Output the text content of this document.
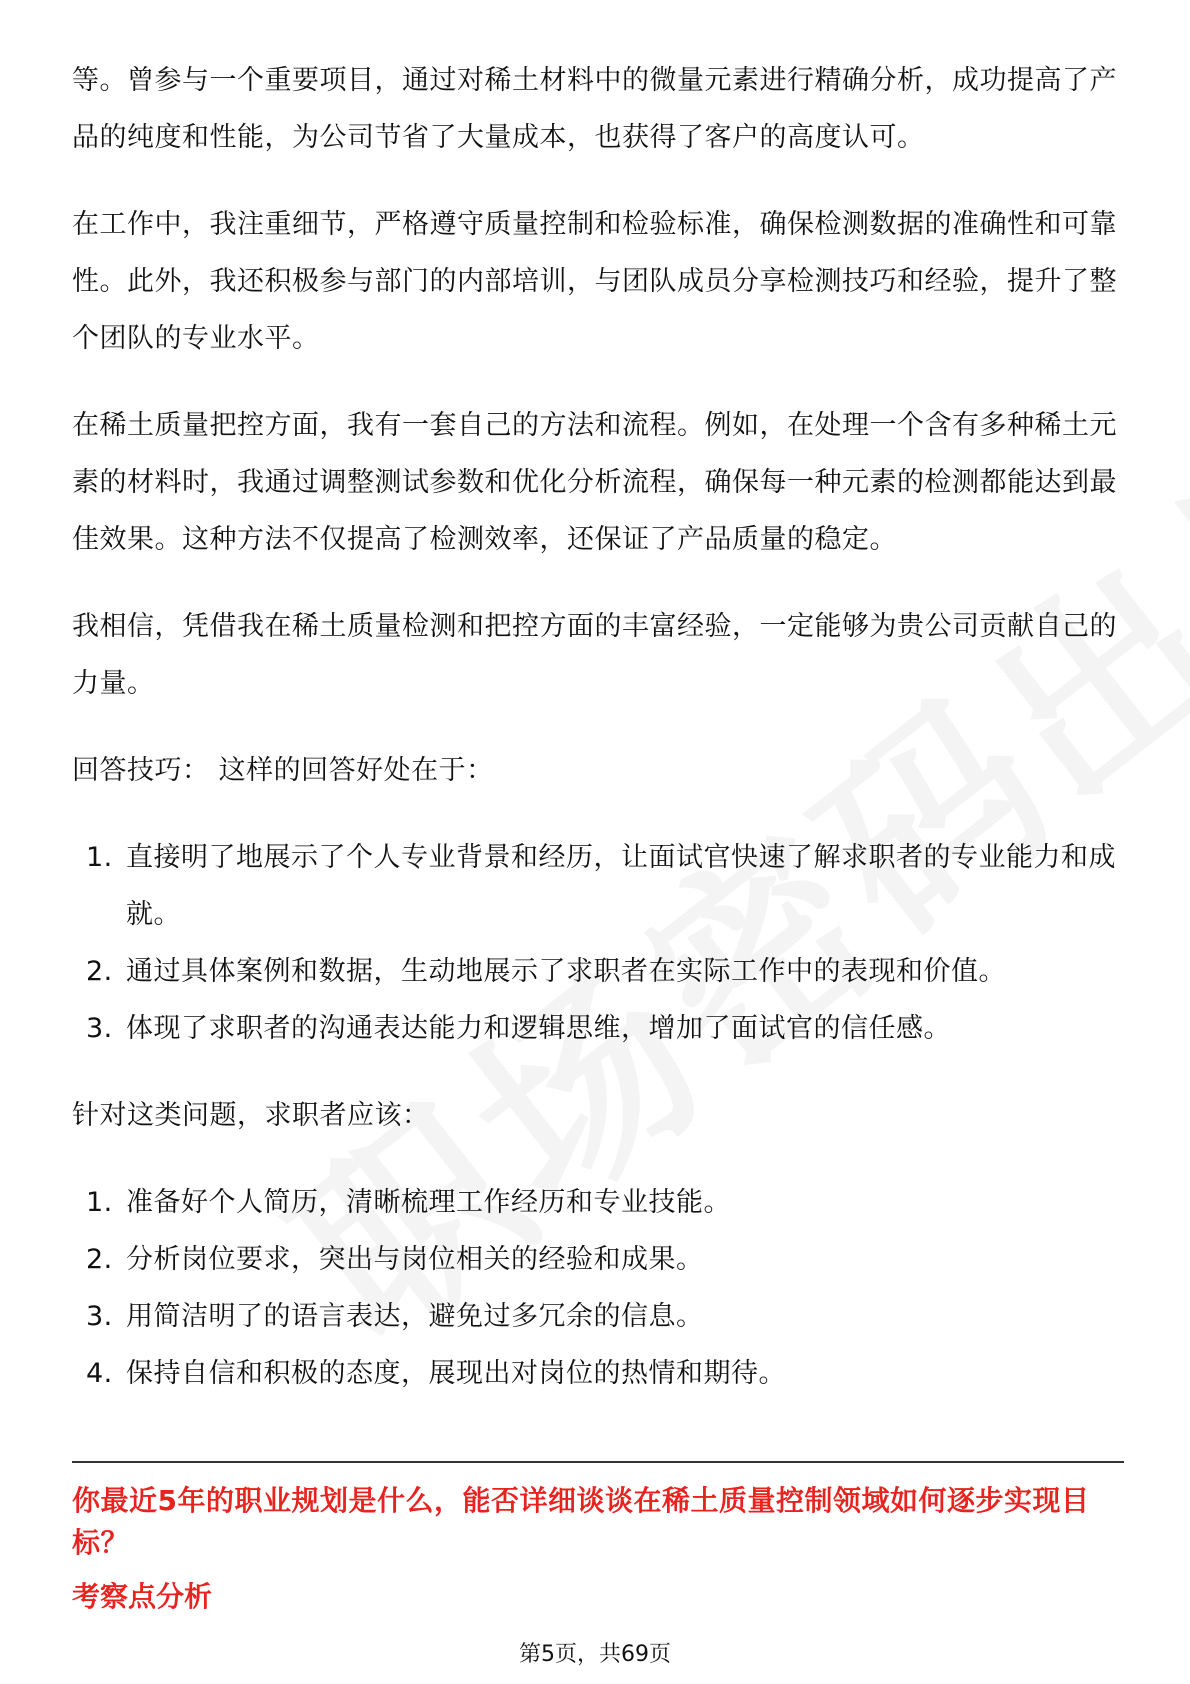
等。曾参与一个重要项目，通过对稀土材料中的微量元素进行精确分析，成功提高了产品的纯度和性能，为公司节省了大量成本，也获得了客户的高度认可。

在工作中，我注重细节，严格遵守质量控制和检验标准，确保检测数据的准确性和可靠性。此外，我还积极参与部门的内部培训，与团队成员分享检测技巧和经验，提升了整个团队的专业水平。

在稀土质量把控方面，我有一套自己的方法和流程。例如，在处理一个含有多种稀土元素的材料时，我通过调整测试参数和优化分析流程，确保每一种元素的检测都能达到最佳效果。这种方法不仅提高了检测效率，还保证了产品质量的稳定。

我相信，凭借我在稀土质量检测和把控方面的丰富经验，一定能够为贵公司贡献自己的力量。

回答技巧： 这样的回答好处在于：

1. 直接明了地展示了个人专业背景和经历，让面试官快速了解求职者的专业能力和成就。
2. 通过具体案例和数据，生动地展示了求职者在实际工作中的表现和价值。
3. 体现了求职者的沟通表达能力和逻辑思维，增加了面试官的信任感。

针对这类问题，求职者应该：

1. 准备好个人简历，清晰梳理工作经历和专业技能。
2. 分析岗位要求，突出与岗位相关的经验和成果。
3. 用简洁明了的语言表达，避免过多冗余的信息。
4. 保持自信和积极的态度，展现出对岗位的热情和期待。
你最近5年的职业规划是什么，能否详细谈谈在稀土质量控制领域如何逐步实现目标？
考察点分析
第5页，共69页
